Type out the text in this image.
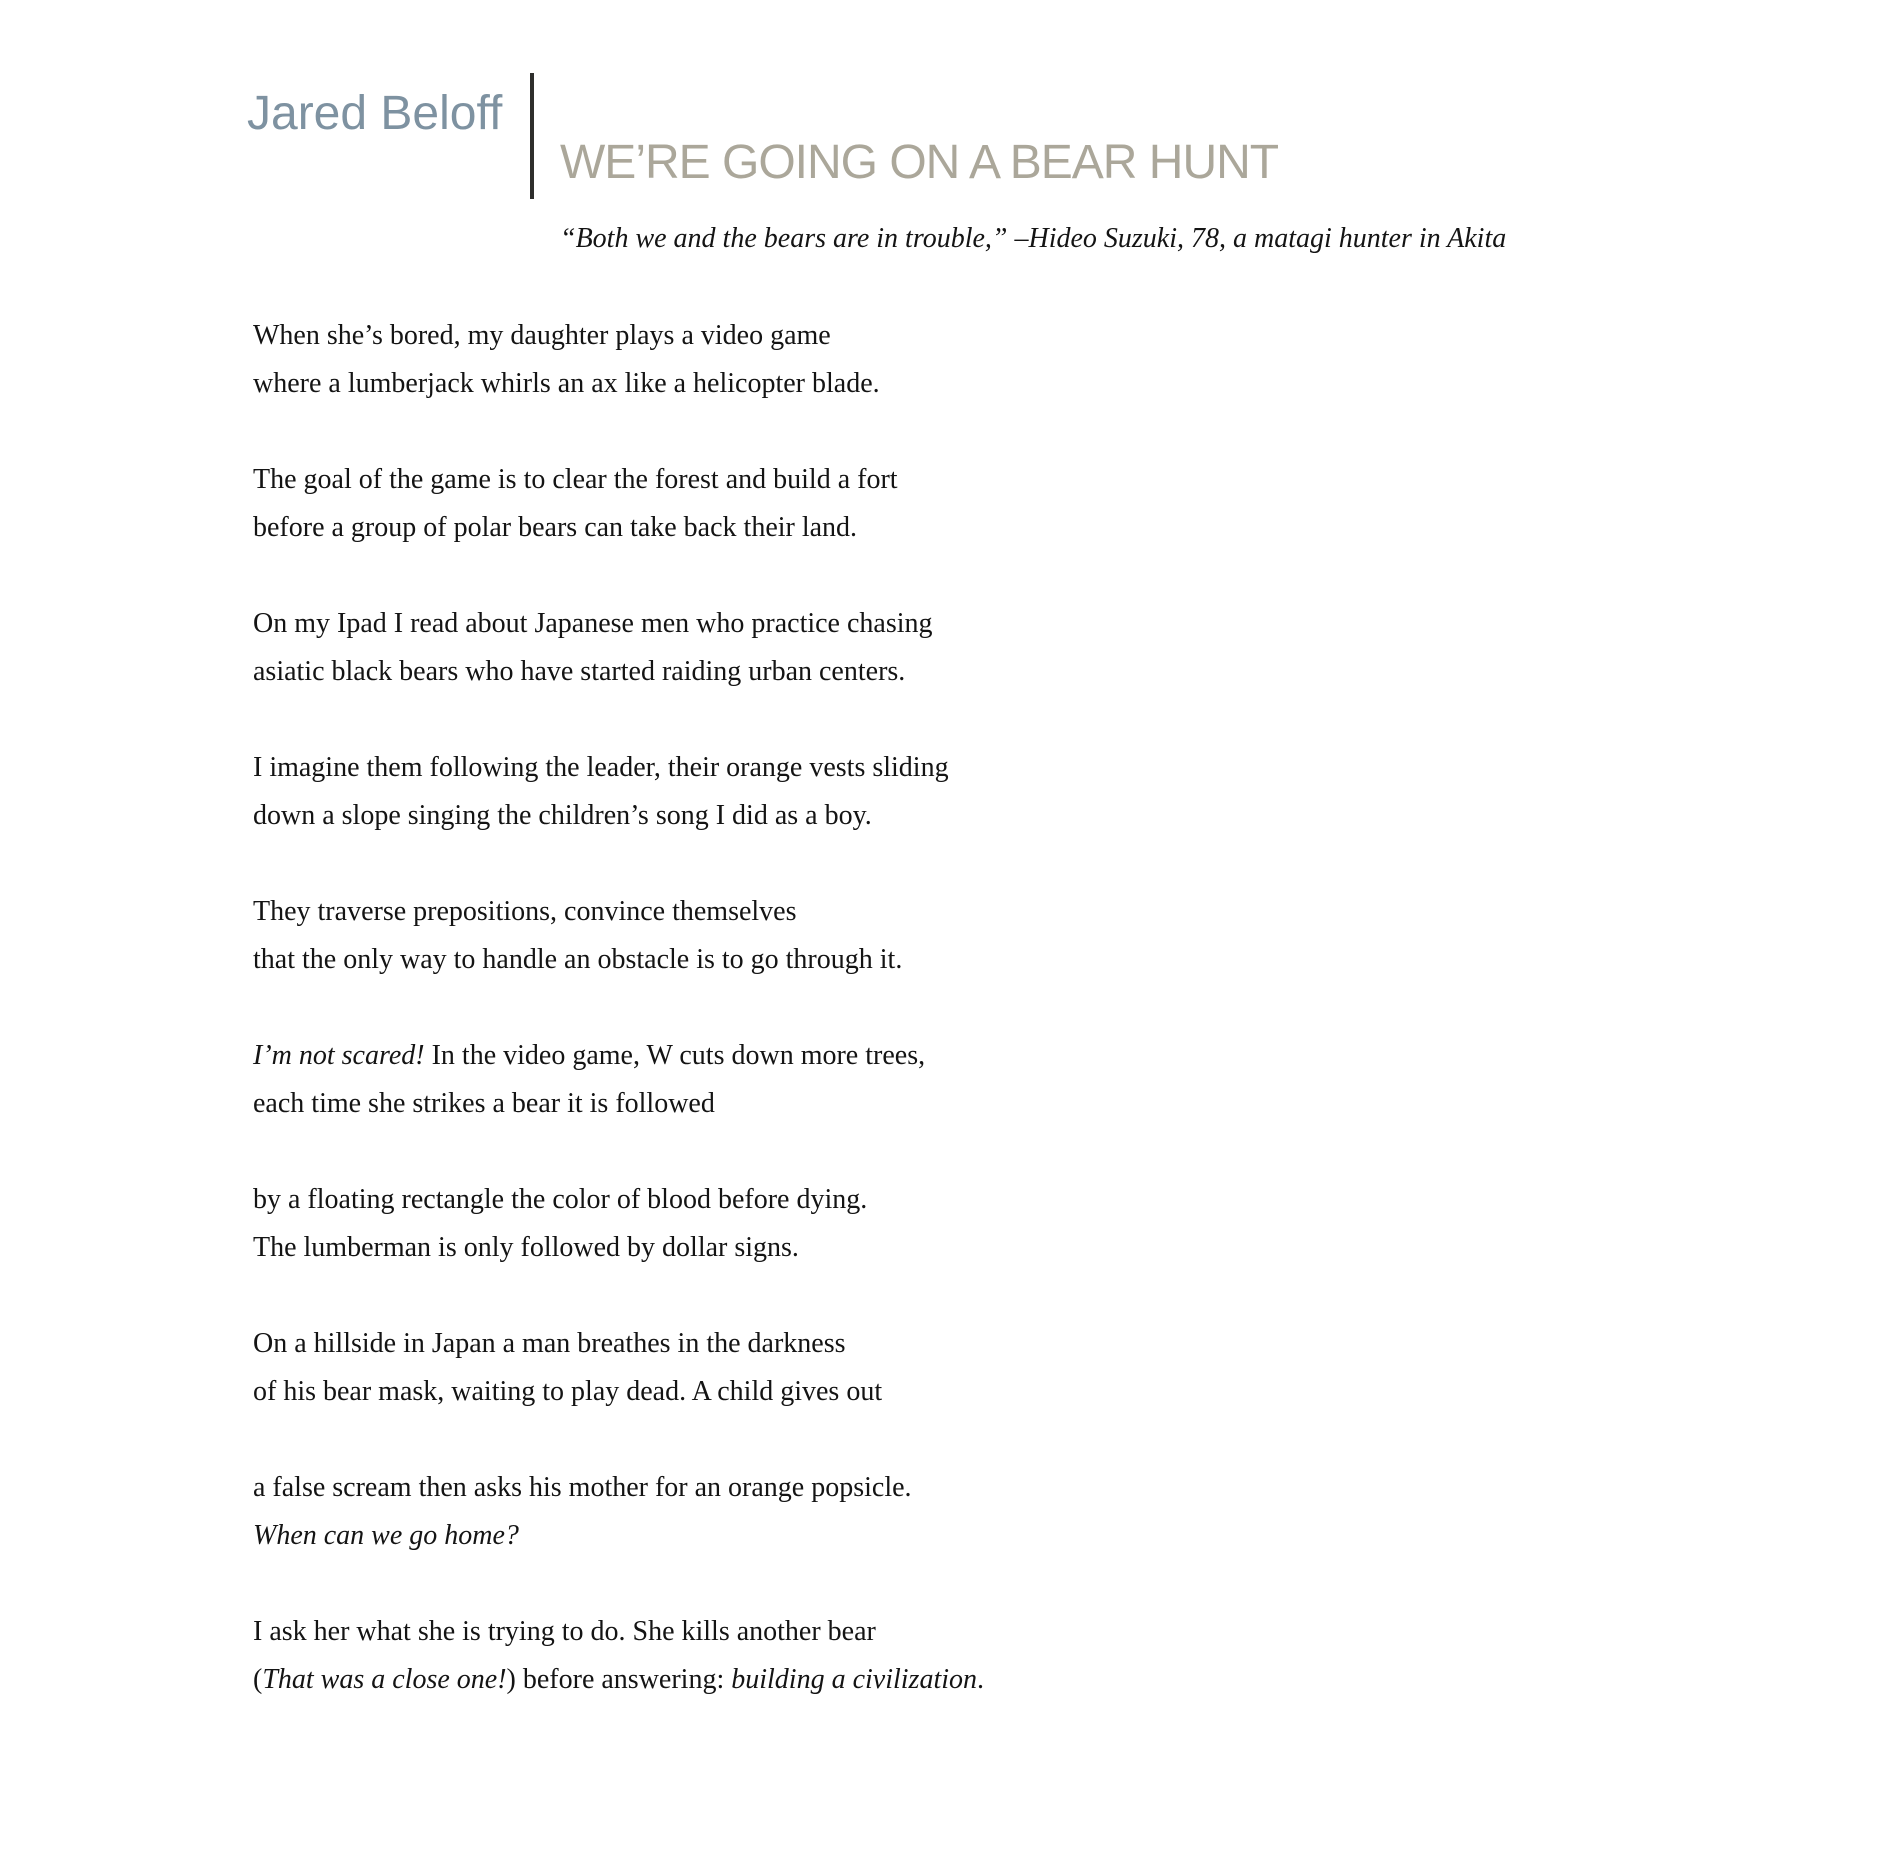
Jared Beloff
WE’RE GOING ON A BEAR HUNT
“Both we and the bears are in trouble,” –Hideo Suzuki, 78, a matagi hunter in Akita
When she’s bored, my daughter plays a video game
where a lumberjack whirls an ax like a helicopter blade.
The goal of the game is to clear the forest and build a fort
before a group of polar bears can take back their land.
On my Ipad I read about Japanese men who practice chasing
asiatic black bears who have started raiding urban centers.
I imagine them following the leader, their orange vests sliding
down a slope singing the children’s song I did as a boy.
They traverse prepositions, convince themselves
that the only way to handle an obstacle is to go through it.
I’m not scared! In the video game, W cuts down more trees,
each time she strikes a bear it is followed
by a floating rectangle the color of blood before dying.
The lumberman is only followed by dollar signs.
On a hillside in Japan a man breathes in the darkness
of his bear mask, waiting to play dead. A child gives out
a false scream then asks his mother for an orange popsicle.
When can we go home?
I ask her what she is trying to do. She kills another bear
(That was a close one!) before answering: building a civilization.
